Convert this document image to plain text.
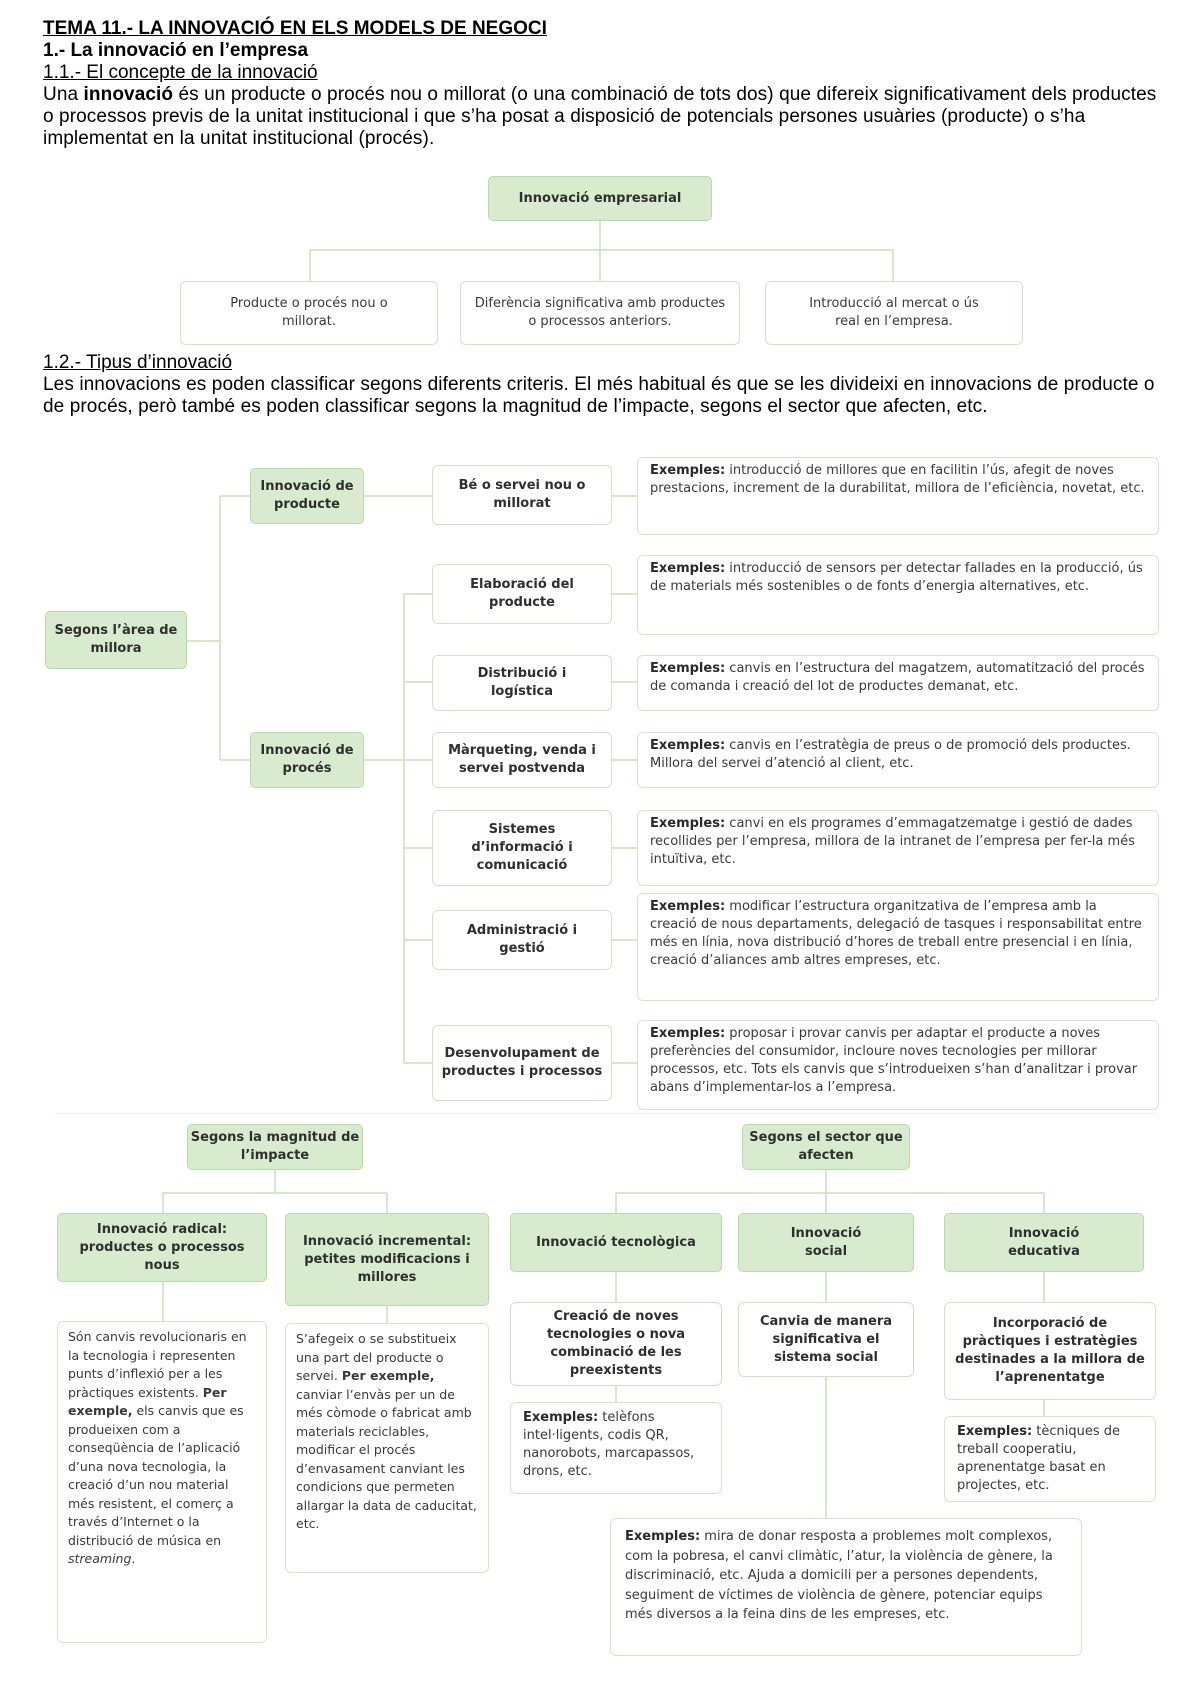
TEMA 11.- LA INNOVACIÓ EN ELS MODELS DE NEGOCI
1.- La innovació en l’empresa
1.1.- El concepte de la innovació
Una innovació és un producte o procés nou o millorat (o una combinació de tots dos) que difereix significativament dels productes o processos previs de la unitat institucional i que s’ha posat a disposició de potencials persones usuàries (producte) o s’ha implementat en la unitat institucional (procés).
Innovació empresarial
Producte o procés nou o millorat.
Diferència significativa amb productes o processos anteriors.
Introducció al mercat o ús real en l’empresa.
1.2.- Tipus d’innovació
Les innovacions es poden classificar segons diferents criteris. El més habitual és que se les divideixi en innovacions de producte o de procés, però també es poden classificar segons la magnitud de l’impacte, segons el sector que afecten, etc.
Segons l’àrea de millora
Innovació de producte
Innovació de procés
Bé o servei nou o millorat
Exemples: introducció de millores que en facilitin l’ús, afegit de noves prestacions, increment de la durabilitat, millora de l’eficiència, novetat, etc.
Elaboració del producte
Exemples: introducció de sensors per detectar fallades en la producció, ús de materials més sostenibles o de fonts d’energia alternatives, etc.
Distribució i logística
Exemples: canvis en l’estructura del magatzem, automatització del procés de comanda i creació del lot de productes demanat, etc.
Màrqueting, venda i servei postvenda
Exemples: canvis en l’estratègia de preus o de promoció dels productes. Millora del servei d’atenció al client, etc.
Sistemes d’informació i comunicació
Exemples: canvi en els programes d’emmagatzematge i gestió de dades recollides per l’empresa, millora de la intranet de l’empresa per fer-la més intuïtiva, etc.
Administració i gestió
Exemples: modificar l’estructura organitzativa de l’empresa amb la creació de nous departaments, delegació de tasques i responsabilitat entre més en línia, nova distribució d’hores de treball entre presencial i en línia, creació d’aliances amb altres empreses, etc.
Desenvolupament de productes i processos
Exemples: proposar i provar canvis per adaptar el producte a noves preferències del consumidor, incloure noves tecnologies per millorar processos, etc. Tots els canvis que s’introdueixen s’han d’analitzar i provar abans d’implementar-los a l’empresa.
Segons la magnitud de l’impacte
Innovació radical: productes o processos nous
Innovació incremental: petites modificacions i millores
Són canvis revolucionaris en la tecnologia i representen punts d’inflexió per a les pràctiques existents. Per exemple, els canvis que es produeixen com a conseqüència de l’aplicació d’una nova tecnologia, la creació d’un nou material més resistent, el comerç a través d’Internet o la distribució de música en streaming.
S’afegeix o se substitueix una part del producte o servei. Per exemple, canviar l’envàs per un de més còmode o fabricat amb materials reciclables, modificar el procés d’envasament canviant les condicions que permeten allargar la data de caducitat, etc.
Segons el sector que afecten
Innovació tecnològica
Innovació social
Innovació educativa
Creació de noves tecnologies o nova combinació de les preexistents
Canvia de manera significativa el sistema social
Incorporació de pràctiques i estratègies destinades a la millora de l’aprenentatge
Exemples: telèfons intel·ligents, codis QR, nanorobots, marcapassos, drons, etc.
Exemples: tècniques de treball cooperatiu, aprenentatge basat en projectes, etc.
Exemples: mira de donar resposta a problemes molt complexos, com la pobresa, el canvi climàtic, l’atur, la violència de gènere, la discriminació, etc. Ajuda a domicili per a persones dependents, seguiment de víctimes de violència de gènere, potenciar equips més diversos a la feina dins de les empreses, etc.
